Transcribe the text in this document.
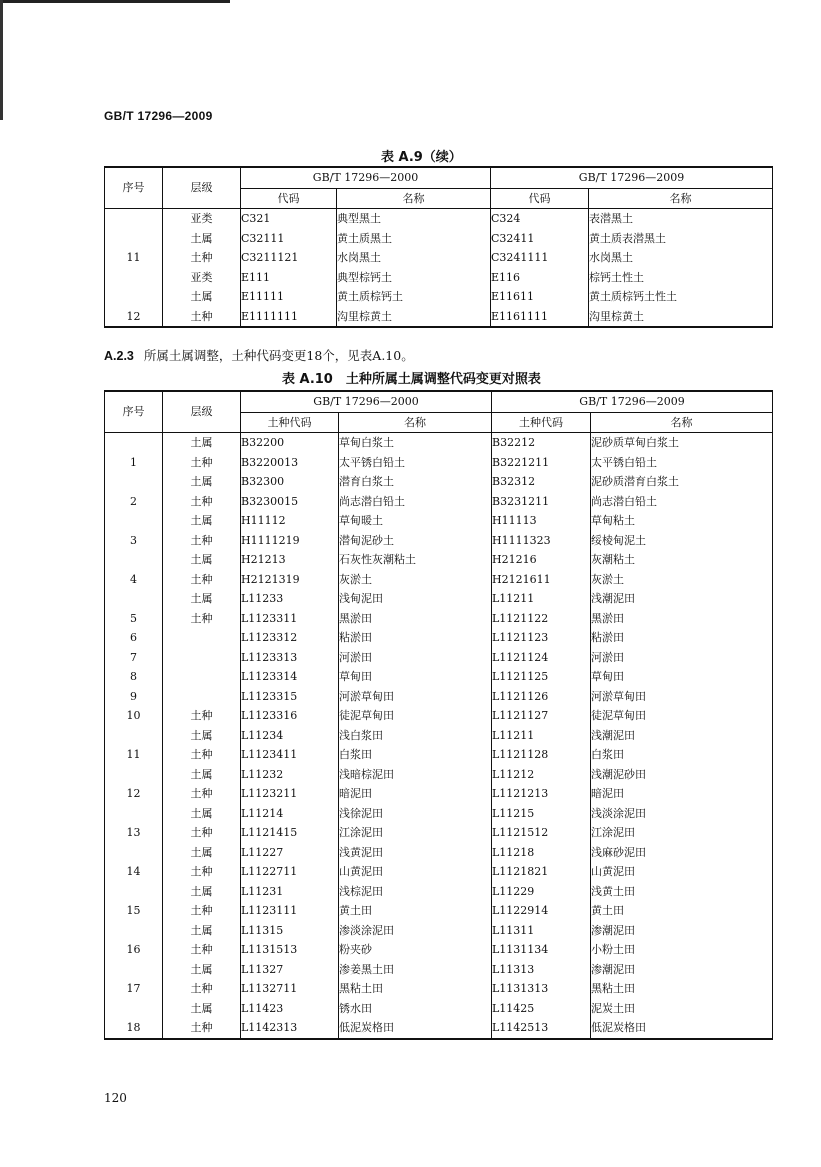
GB/T 17296—2009
表 A.9（续）
序号	层级	GB/T 17296—2000		GB/T 17296—2009	
		代码	名称	代码	名称
	亚类	C321	典型黑土	C324	表潜黑土
	土属	C32111	黄土质黑土	C32411	黄土质表潜黑土
11	土种	C3211121	水岗黑土	C3241111	水岗黑土
	亚类	E111	典型棕钙土	E116	棕钙土性土
	土属	E11111	黄土质棕钙土	E11611	黄土质棕钙土性土
12	土种	E1111111	沟里棕黄土	E1161111	沟里棕黄土
A.2.3 所属土属调整，土种代码变更18个，见表A.10。
表 A.10　土种所属土属调整代码变更对照表
序号	层级	GB/T 17296—2000		GB/T 17296—2009	
		土种代码	名称	土种代码	名称
	土属	B32200	草甸白浆土	B32212	泥砂质草甸白浆土
1	土种	B3220013	太平锈白铅土	B3221211	太平锈白铅土
	土属	B32300	潜育白浆土	B32312	泥砂质潜育白浆土
2	土种	B3230015	尚志潜白铅土	B3231211	尚志潜白铅土
	土属	H11112	草甸暖土	H11113	草甸粘土
3	土种	H1111219	潜甸泥砂土	H1111323	绥棱甸泥土
	土属	H21213	石灰性灰潮粘土	H21216	灰潮粘土
4	土种	H2121319	灰淤土	H2121611	灰淤土
	土属	L11233	浅甸泥田	L11211	浅潮泥田
5	土种	L1123311	黑淤田	L1121122	黑淤田
6		L1123312	粘淤田	L1121123	粘淤田
7		L1123313	河淤田	L1121124	河淤田
8		L1123314	草甸田	L1121125	草甸田
9		L1123315	河淤草甸田	L1121126	河淤草甸田
10	土种	L1123316	徒泥草甸田	L1121127	徒泥草甸田
	土属	L11234	浅白浆田	L11211	浅潮泥田
11	土种	L1123411	白浆田	L1121128	白浆田
	土属	L11232	浅暗棕泥田	L11212	浅潮泥砂田
12	土种	L1123211	暗泥田	L1121213	暗泥田
	土属	L11214	浅徐泥田	L11215	浅淡涂泥田
13	土种	L1121415	江涂泥田	L1121512	江涂泥田
	土属	L11227	浅黄泥田	L11218	浅麻砂泥田
14	土种	L1122711	山黄泥田	L1121821	山黄泥田
	土属	L11231	浅棕泥田	L11229	浅黄土田
15	土种	L1123111	黄土田	L1122914	黄土田
	土属	L11315	渗淡涂泥田	L11311	渗潮泥田
16	土种	L1131513	粉夹砂	L1131134	小粉土田
	土属	L11327	渗姜黑土田	L11313	渗潮泥田
17	土种	L1132711	黑粘土田	L1131313	黑粘土田
	土属	L11423	锈水田	L11425	泥炭土田
18	土种	L1142313	低泥炭格田	L1142513	低泥炭格田
120
